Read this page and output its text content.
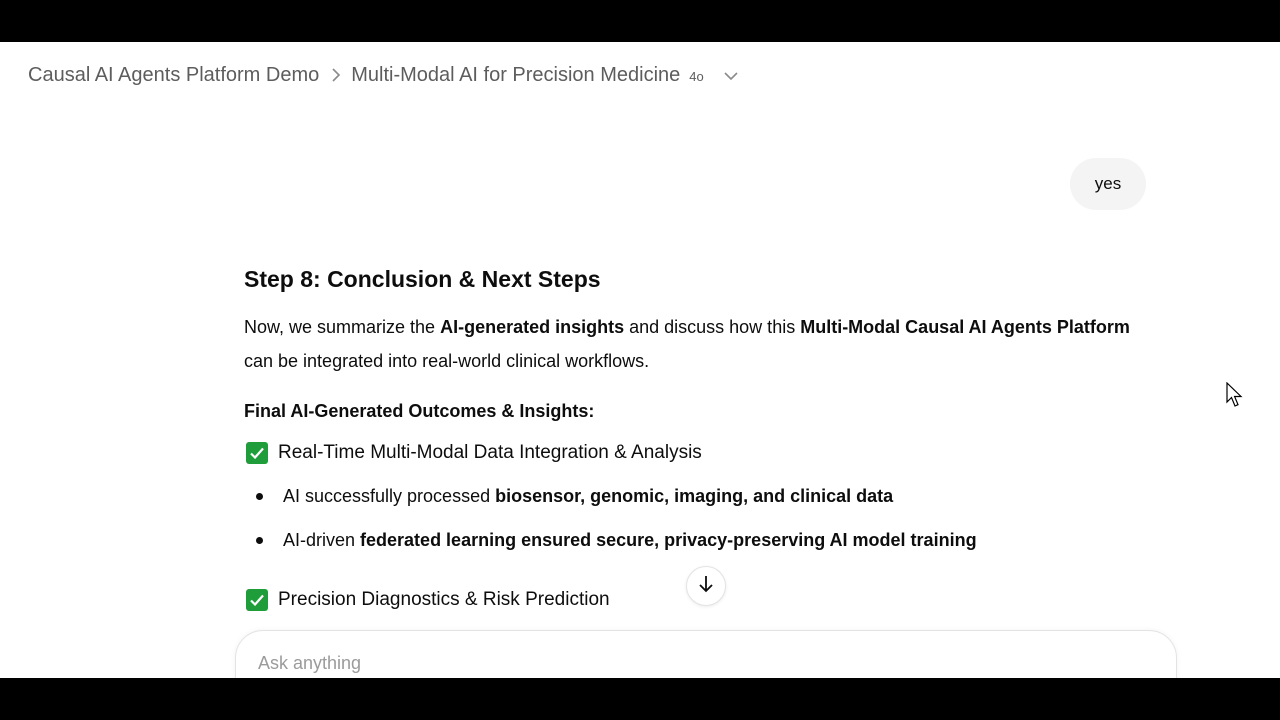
Causal AI Agents Platform Demo Multi-Modal AI for Precision Medicine 4o
yes
Step 8: Conclusion & Next Steps

Now, we summarize the AI-generated insights and discuss how this Multi-Modal Causal AI Agents Platform can be integrated into real-world clinical workflows.

Final AI-Generated Outcomes & Insights:

Real-Time Multi-Modal Data Integration & Analysis
AI successfully processed biosensor, genomic, imaging, and clinical data
AI-driven federated learning ensured secure, privacy-preserving AI model training
Precision Diagnostics & Risk Prediction
Ask anything
